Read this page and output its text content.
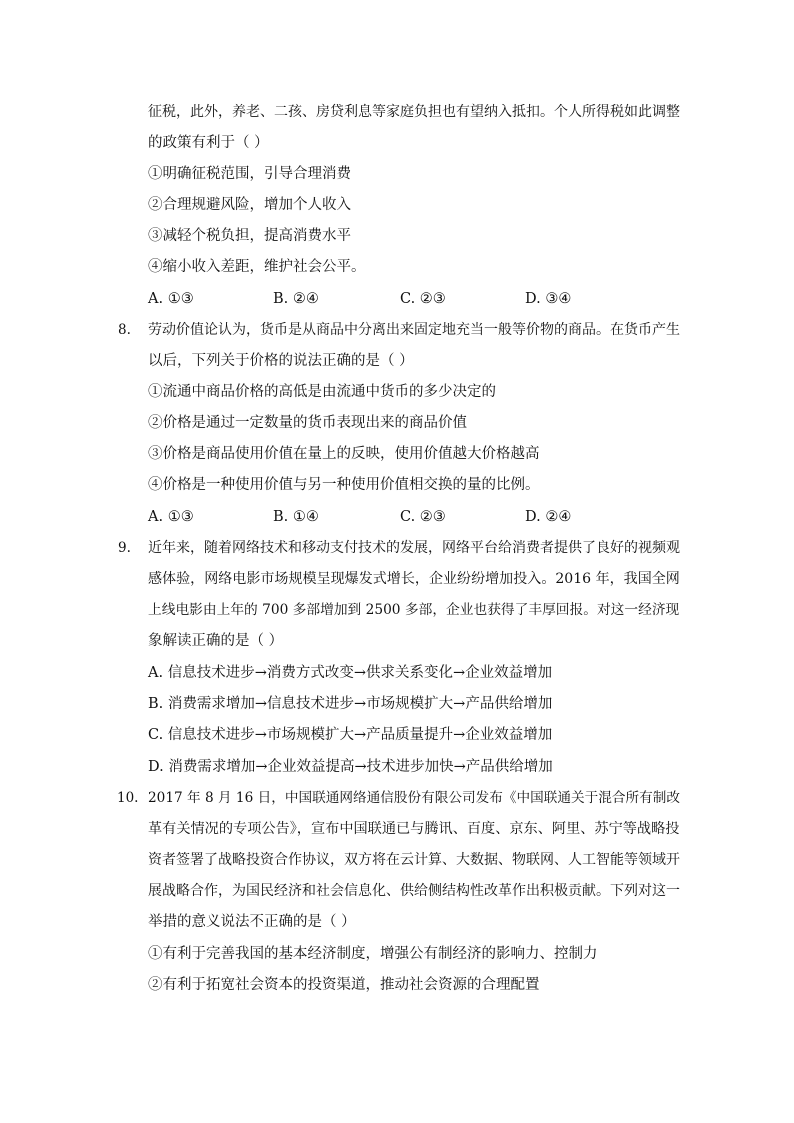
征税，此外，养老、二孩、房贷利息等家庭负担也有望纳入抵扣。个人所得税如此调整
的政策有利于（ ）
①明确征税范围，引导合理消费
②合理规避风险，增加个人收入
③减轻个税负担，提高消费水平
④缩小收入差距，维护社会公平。
A. ①③	B. ②④	C. ②③	D. ③④
8. 劳动价值论认为，货币是从商品中分离出来固定地充当一般等价物的商品。在货币产生
以后，下列关于价格的说法正确的是（ ）
①流通中商品价格的高低是由流通中货币的多少决定的
②价格是通过一定数量的货币表现出来的商品价值
③价格是商品使用价值在量上的反映，使用价值越大价格越高
④价格是一种使用价值与另一种使用价值相交换的量的比例。
A. ①③	B. ①④	C. ②③	D. ②④
9. 近年来，随着网络技术和移动支付技术的发展，网络平台给消费者提供了良好的视频观
感体验，网络电影市场规模呈现爆发式增长，企业纷纷增加投入。2016 年，我国全网
上线电影由上年的 700 多部增加到 2500 多部，企业也获得了丰厚回报。对这一经济现
象解读正确的是（ ）
A. 信息技术进步→消费方式改变→供求关系变化→企业效益增加
B. 消费需求增加→信息技术进步→市场规模扩大→产品供给增加
C. 信息技术进步→市场规模扩大→产品质量提升→企业效益增加
D. 消费需求增加→企业效益提高→技术进步加快→产品供给增加
10. 2017 年 8 月 16 日，中国联通网络通信股份有限公司发布《中国联通关于混合所有制改
革有关情况的专项公告》，宣布中国联通已与腾讯、百度、京东、阿里、苏宁等战略投
资者签署了战略投资合作协议，双方将在云计算、大数据、物联网、人工智能等领域开
展战略合作，为国民经济和社会信息化、供给侧结构性改革作出积极贡献。下列对这一
举措的意义说法不正确的是（ ）
①有利于完善我国的基本经济制度，增强公有制经济的影响力、控制力
②有利于拓宽社会资本的投资渠道，推动社会资源的合理配置
